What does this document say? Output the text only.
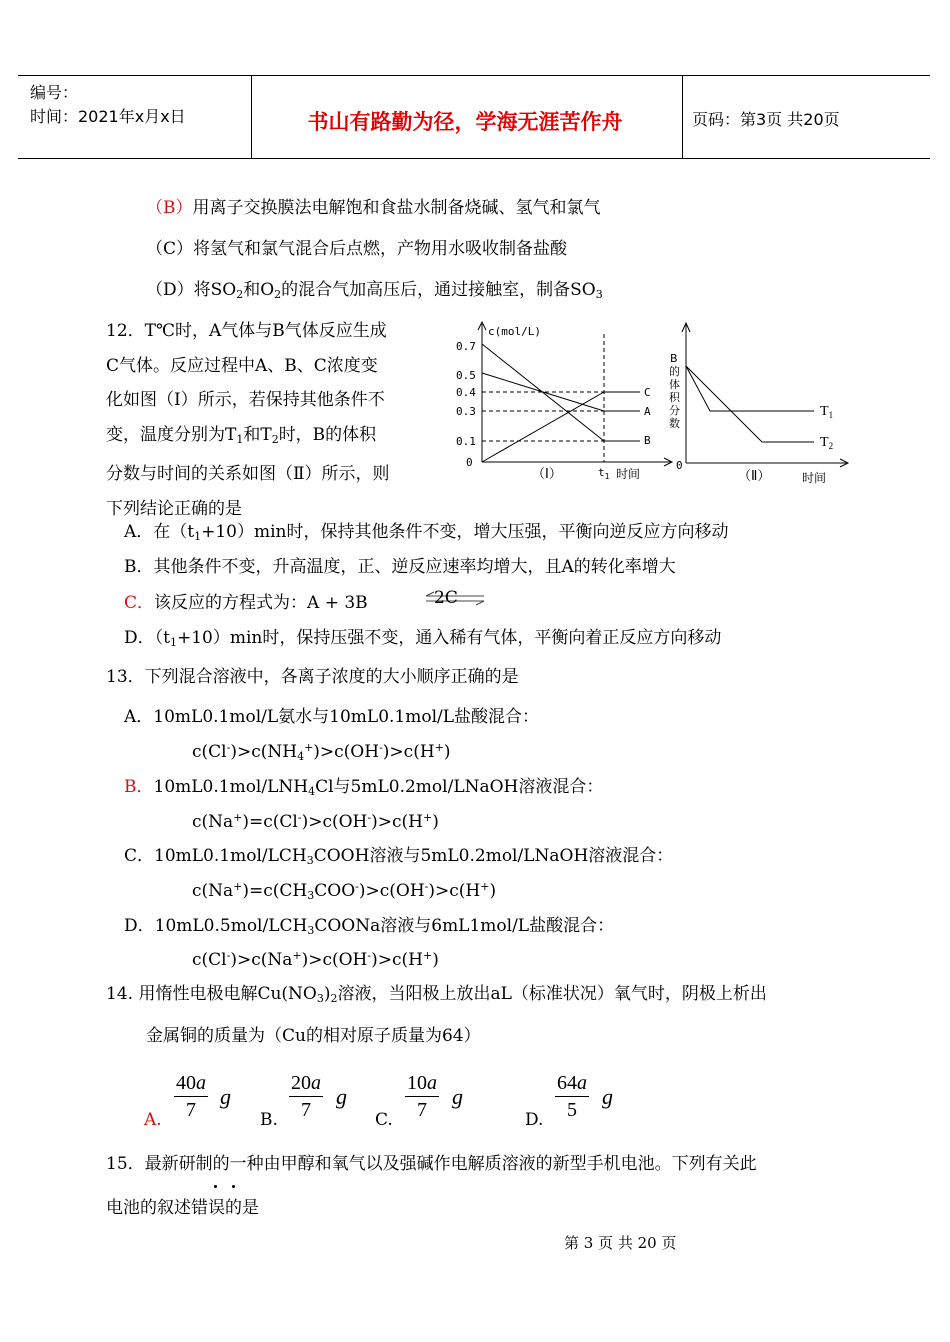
编号：
时间：2021年x月x日	书山有路勤为径，学海无涯苦作舟	页码：第3页 共20页
（B）用离子交换膜法电解饱和食盐水制备烧碱、氢气和氯气
（C）将氢气和氯气混合后点燃，产物用水吸收制备盐酸
（D）将$SO_2$和$O_2$的混合气加高压后，通过接触室，制备$SO_3$
12．T℃时，A气体与B气体反应生成
C气体。反应过程中A、B、C浓度变
化如图（Ⅰ）所示，若保持其他条件不
变，温度分别为$T_1$和$T_2$时，B的体积
分数与时间的关系如图（Ⅱ）所示，则
下列结论正确的是
c(mol/L)
0.7
0.5
0.4
0.3
0.1
0
C
A
B
（Ⅰ）	$t_1$ 时间
B
的
体
积
分
数
0
$T_1$
$T_2$
（Ⅱ）	时间
A．在$(t_1+10)\min$时，保持其他条件不变，增大压强，平衡向逆反应方向移动
B．其他条件不变，升高温度，正、逆反应速率均增大，且A的转化率增大
C．该反应的方程式为：A + 3B	2C
D．$(t_1+10)\min$时，保持压强不变，通入稀有气体，平衡向着正反应方向移动
13．下列混合溶液中，各离子浓度的大小顺序正确的是
A．10mL0.1mol/L氨水与10mL0.1mol/L盐酸混合：
$c(Cl^-)>c(NH_4^+)>c(OH^-)>c(H^+)$
B．$10mL0.1mol/LNH_4Cl$与5mL0.2mol/LNaOH溶液混合：
c(Na+)=c(Cl-)>c(OH-)>c(H+)
C．$10mL0.1mol/LCH_3COOH$溶液与5mL0.2mol/LNaOH溶液混合：
$c(Na^+)=c(CH_3COO^-)>c(OH^-)>c(H^+)$
D．$10mL0.5mol/LCH_3COONa$溶液与6mL1mol/L盐酸混合：
c(Cl-)>c(Na+)>c(OH-)>c(H+)
14. 用惰性电极电解$Cu(NO_3)_2$溶液，当阳极上放出aL（标准状况）氧气时，阴极上析出
金属铜的质量为（Cu的相对原子质量为64）
A.
40a
7
g
B.
20a
7
g
C.
10a
7
g
D.
64a
5
g
15．最新研制的一种由甲醇和氧气以及强碱作电解质溶液的新型手机电池。下列有关此
电池的叙述错误的是
第 3 页 共 20 页
